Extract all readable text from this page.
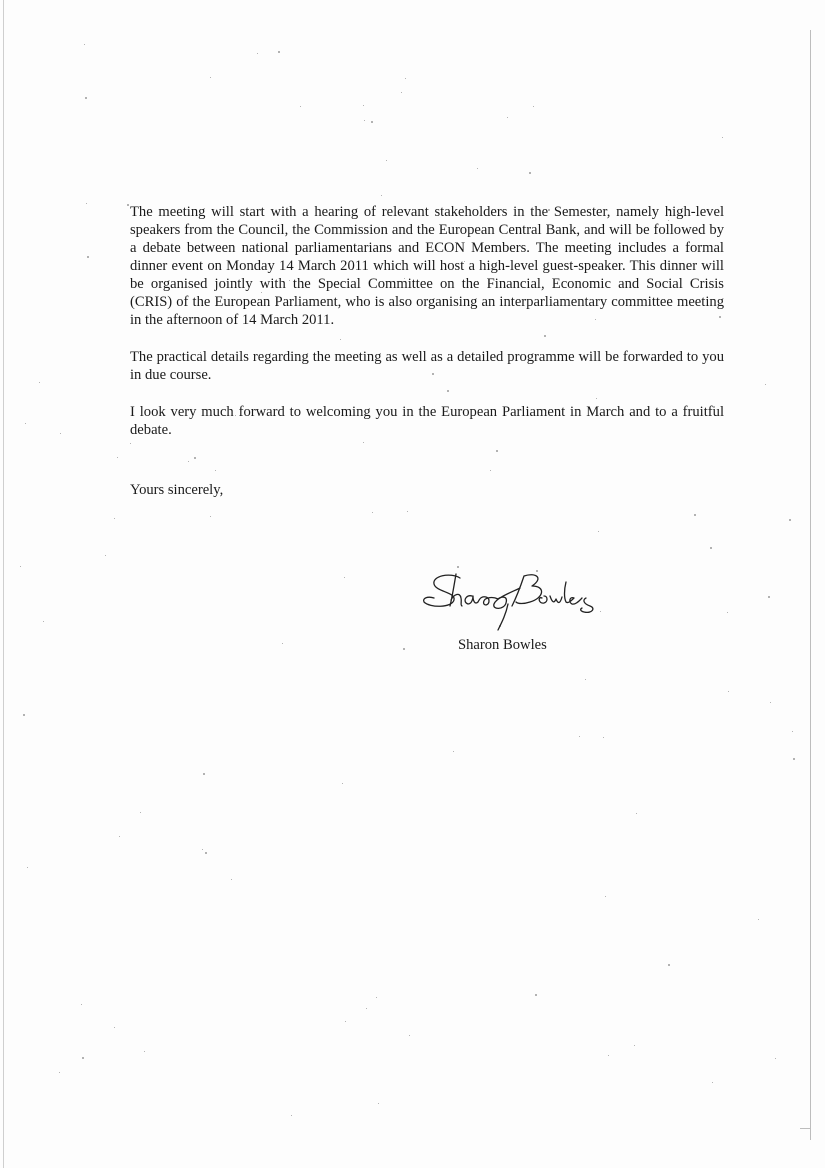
The meeting will start with a hearing of relevant stakeholders in the Semester, namely high-level speakers from the Council, the Commission and the European Central Bank, and will be followed by a debate between national parliamentarians and ECON Members. The meeting includes a formal dinner event on Monday 14 March 2011 which will host a high-level guest-speaker. This dinner will be organised jointly with the Special Committee on the Financial, Economic and Social Crisis (CRIS) of the European Parliament, who is also organising an interparliamentary committee meeting in the afternoon of 14 March 2011.

The practical details regarding the meeting as well as a detailed programme will be forwarded to you in due course.

I look very much forward to welcoming you in the European Parliament in March and to a fruitful debate.

Yours sincerely,

Sharon Bowles
